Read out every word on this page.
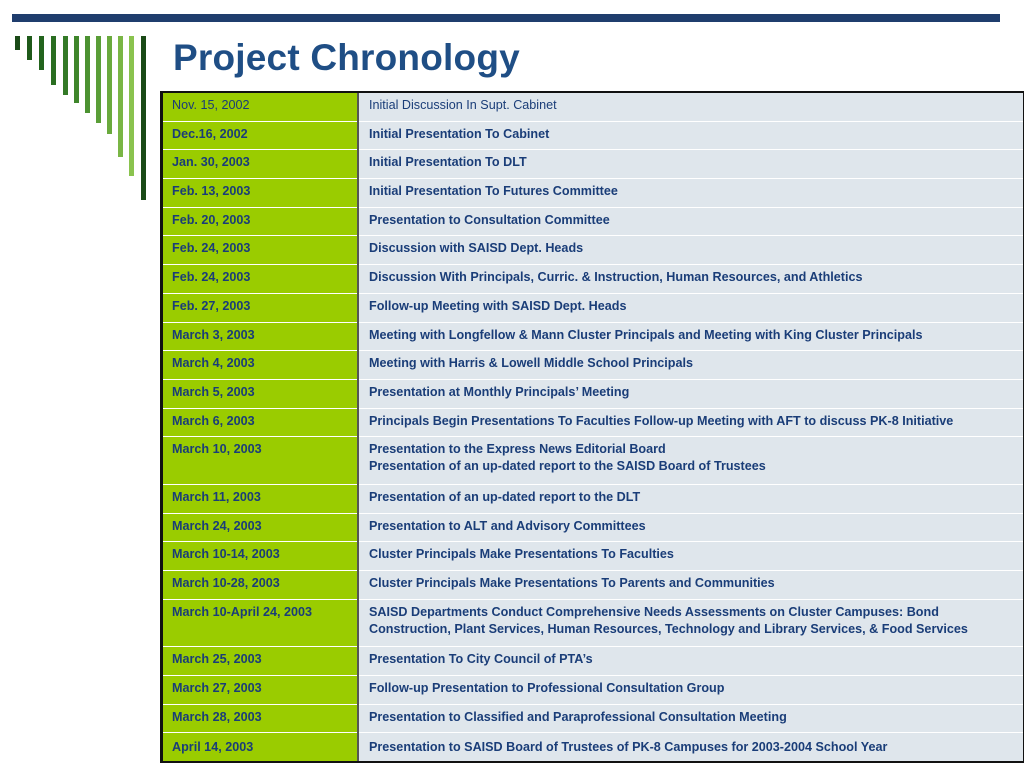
Project Chronology
Nov. 15, 2002	Initial Discussion In Supt. Cabinet

Dec.16, 2002	Initial Presentation To Cabinet

Jan. 30, 2003	Initial Presentation To DLT

Feb. 13, 2003	Initial Presentation To Futures Committee

Feb. 20, 2003	Presentation to Consultation Committee

Feb. 24, 2003	Discussion with SAISD Dept. Heads

Feb. 24, 2003	Discussion With Principals, Curric. & Instruction, Human Resources, and Athletics

Feb. 27, 2003	Follow-up Meeting with SAISD Dept. Heads

March 3, 2003	Meeting with Longfellow & Mann Cluster Principals and Meeting with King Cluster Principals

March 4, 2003	Meeting with Harris & Lowell Middle School Principals

March 5, 2003	Presentation at Monthly Principals’ Meeting

March 6, 2003	Principals Begin Presentations To Faculties Follow-up Meeting with AFT to discuss PK-8 Initiative

March 10, 2003	Presentation to the Express News Editorial Board
Presentation of an up-dated report to the SAISD Board of Trustees

March 11, 2003	Presentation of an up-dated report to the DLT

March 24, 2003	Presentation to ALT and Advisory Committees

March 10-14, 2003	Cluster Principals Make Presentations To Faculties

March 10-28, 2003	Cluster Principals Make Presentations To Parents and Communities

March 10-April 24, 2003	SAISD Departments Conduct Comprehensive Needs Assessments on Cluster Campuses: Bond Construction, Plant Services, Human Resources, Technology and Library Services, & Food Services

March 25, 2003	Presentation To City Council of PTA’s

March 27, 2003	Follow-up Presentation to Professional Consultation Group

March 28, 2003	Presentation to Classified and Paraprofessional Consultation Meeting

April 14, 2003	Presentation to SAISD Board of Trustees of PK-8 Campuses for 2003-2004 School Year
